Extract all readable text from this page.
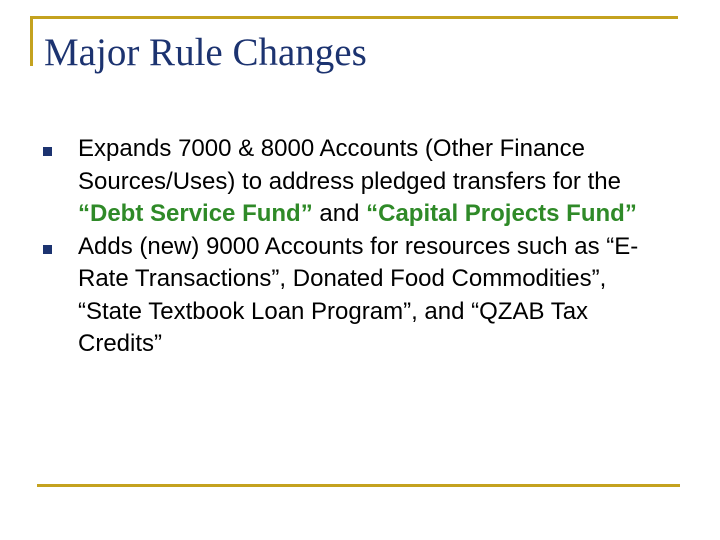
Major Rule Changes
Expands 7000 & 8000 Accounts (Other Finance Sources/Uses) to address pledged transfers for the “Debt Service Fund” and “Capital Projects Fund”
Adds (new) 9000 Accounts for resources such as “E-Rate Transactions”, Donated Food Commodities”, “State Textbook Loan Program”, and “QZAB Tax Credits”
